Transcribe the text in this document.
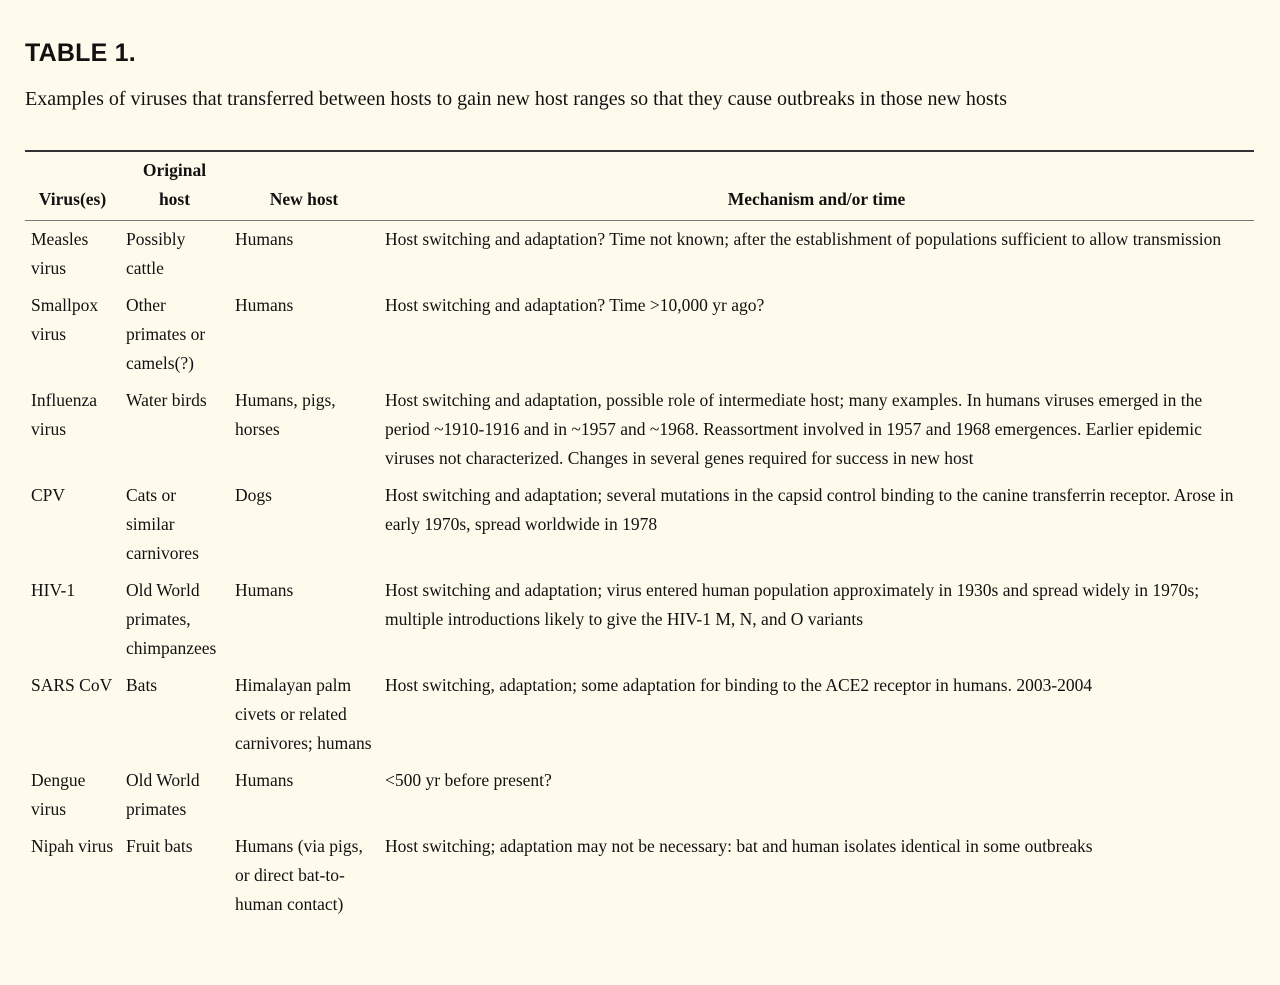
TABLE 1.

Examples of viruses that transferred between hosts to gain new host ranges so that they cause outbreaks in those new hosts

Virus(es)	Original host	New host	Mechanism and/or time
Measles virus	Possibly cattle	Humans	Host switching and adaptation? Time not known; after the establishment of populations sufficient to allow transmission
Smallpox virus	Other primates or camels(?)	Humans	Host switching and adaptation? Time >10,000 yr ago?
Influenza virus	Water birds	Humans, pigs, horses	Host switching and adaptation, possible role of intermediate host; many examples. In humans viruses emerged in the period ~1910-1916 and in ~1957 and ~1968. Reassortment involved in 1957 and 1968 emergences. Earlier epidemic viruses not characterized. Changes in several genes required for success in new host
CPV	Cats or similar carnivores	Dogs	Host switching and adaptation; several mutations in the capsid control binding to the canine transferrin receptor. Arose in early 1970s, spread worldwide in 1978
HIV-1	Old World primates, chimpanzees	Humans	Host switching and adaptation; virus entered human population approximately in 1930s and spread widely in 1970s; multiple introductions likely to give the HIV-1 M, N, and O variants
SARS CoV	Bats	Himalayan palm civets or related carnivores; humans	Host switching, adaptation; some adaptation for binding to the ACE2 receptor in humans. 2003-2004
Dengue virus	Old World primates	Humans	<500 yr before present?
Nipah virus	Fruit bats	Humans (via pigs, or direct bat-to-human contact)	Host switching; adaptation may not be necessary: bat and human isolates identical in some outbreaks
